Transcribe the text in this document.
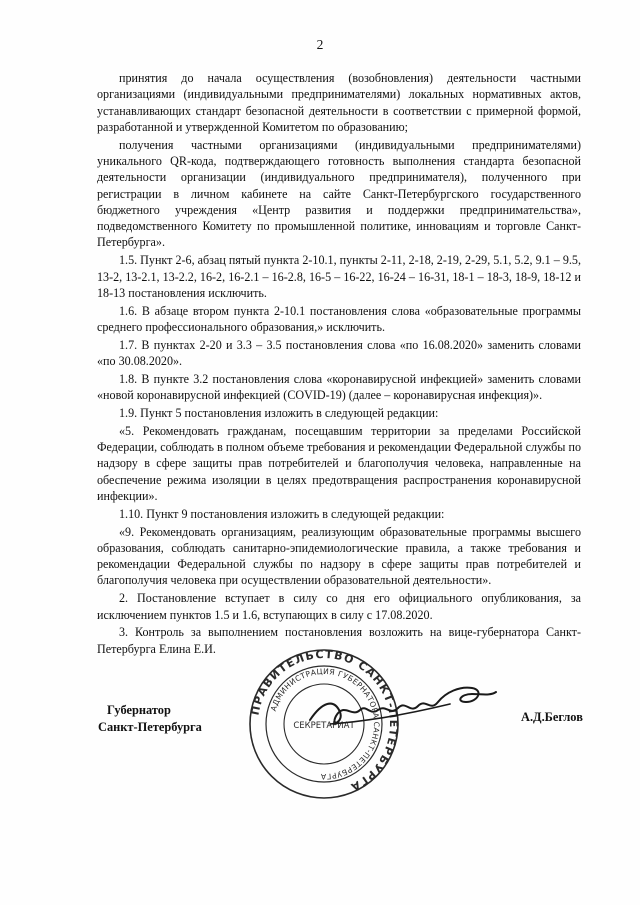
2

принятия до начала осуществления (возобновления) деятельности частными организациями (индивидуальными предпринимателями) локальных нормативных актов, устанавливающих стандарт безопасной деятельности в соответствии с примерной формой, разработанной и утвержденной Комитетом по образованию;

получения частными организациями (индивидуальными предпринимателями) уникального QR-кода, подтверждающего готовность выполнения стандарта безопасной деятельности организации (индивидуального предпринимателя), полученного при регистрации в личном кабинете на сайте Санкт-Петербургского государственного бюджетного учреждения «Центр развития и поддержки предпринимательства», подведомственного Комитету по промышленной политике, инновациям и торговле Санкт-Петербурга».

1.5. Пункт 2-6, абзац пятый пункта 2-10.1, пункты 2-11, 2-18, 2-19, 2-29, 5.1, 5.2, 9.1 – 9.5, 13-2, 13-2.1, 13-2.2, 16-2, 16-2.1 – 16-2.8, 16-5 – 16-22, 16-24 – 16-31, 18-1 – 18-3, 18-9, 18-12 и 18-13 постановления исключить.

1.6. В абзаце втором пункта 2-10.1 постановления слова «образовательные программы среднего профессионального образования,» исключить.

1.7. В пунктах 2-20 и 3.3 – 3.5 постановления слова «по 16.08.2020» заменить словами «по 30.08.2020».

1.8. В пункте 3.2 постановления слова «коронавирусной инфекцией» заменить словами «новой коронавирусной инфекцией (COVID-19) (далее – коронавирусная инфекция)».

1.9. Пункт 5 постановления изложить в следующей редакции:

«5. Рекомендовать гражданам, посещавшим территории за пределами Российской Федерации, соблюдать в полном объеме требования и рекомендации Федеральной службы по надзору в сфере защиты прав потребителей и благополучия человека, направленные на обеспечение режима изоляции в целях предотвращения распространения коронавирусной инфекции».

1.10. Пункт 9 постановления изложить в следующей редакции:

«9. Рекомендовать организациям, реализующим образовательные программы высшего образования, соблюдать санитарно-эпидемиологические правила, а также требования и рекомендации Федеральной службы по надзору в сфере защиты прав потребителей и благополучия человека при осуществлении образовательной деятельности».

2. Постановление вступает в силу со дня его официального опубликования, за исключением пунктов 1.5 и 1.6, вступающих в силу с 17.08.2020.

3. Контроль за выполнением постановления возложить на вице-губернатора Санкт-Петербурга Елина Е.И.

Губернатор
Санкт-Петербурга
ПРАВИТЕЛЬСТВО САНКТ-ПЕТЕРБУРГА
АДМИНИСТРАЦИЯ ГУБЕРНАТОРА САНКТ-ПЕТЕРБУРГА
СЕКРЕТАРИАТ
А.Д.Беглов
